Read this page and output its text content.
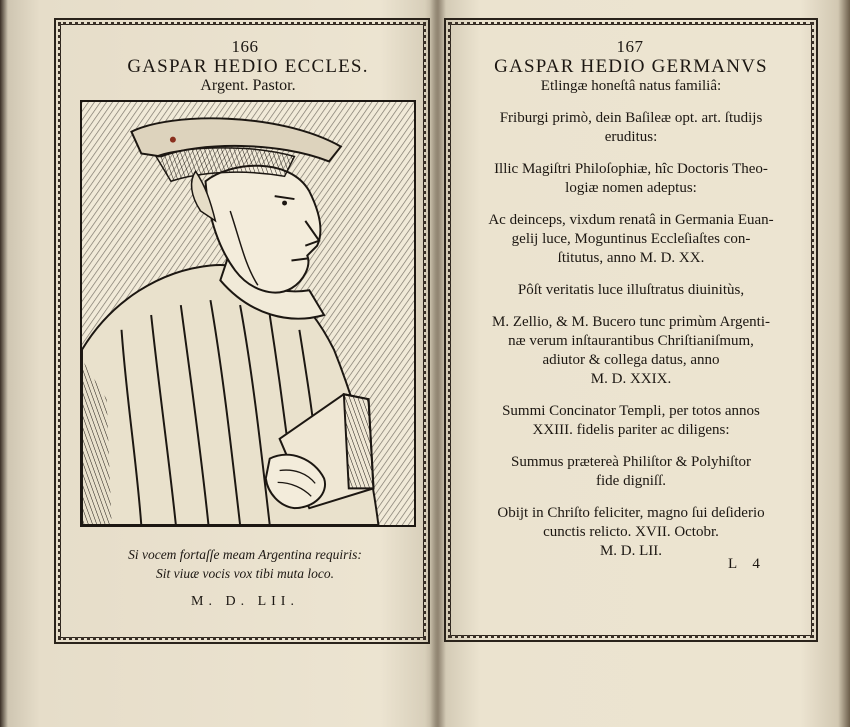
166
GASPAR HEDIO ECCLES.
Argent. Pastor.
Si vocem fortaſſe meam Argentina requiris:
Sit viuæ vocis vox tibi muta loco.
M. D. LII.
167
GASPAR HEDIO GERMANVS
Etlingæ honeſtâ natus familiâ:
Friburgi primò, dein Baſileæ opt. art. ſtudijs
eruditus:
Illic Magiſtri Philoſophiæ, hîc Doctoris Theo-
logiæ nomen adeptus:
Ac deinceps, vixdum renatâ in Germania Euan-
gelij luce, Moguntinus Eccleſiaſtes con-
ſtitutus, anno M. D. XX.
Pôſt veritatis luce illuſtratus diuinitùs,
M. Zellio, & M. Bucero tunc primùm Argenti-
næ verum inſtaurantibus Chriſtianiſmum,
adiutor & collega datus, anno
M. D. XXIX.
Summi Concinator Templi, per totos annos
XXIII. fidelis pariter ac diligens:
Summus prætereà Philiſtor & Polyhiſtor
fide digniſſ.
Obijt in Chriſto feliciter, magno ſui deſiderio
cunctis relicto. XVII. Octobr.
M. D. LII.
L 4
